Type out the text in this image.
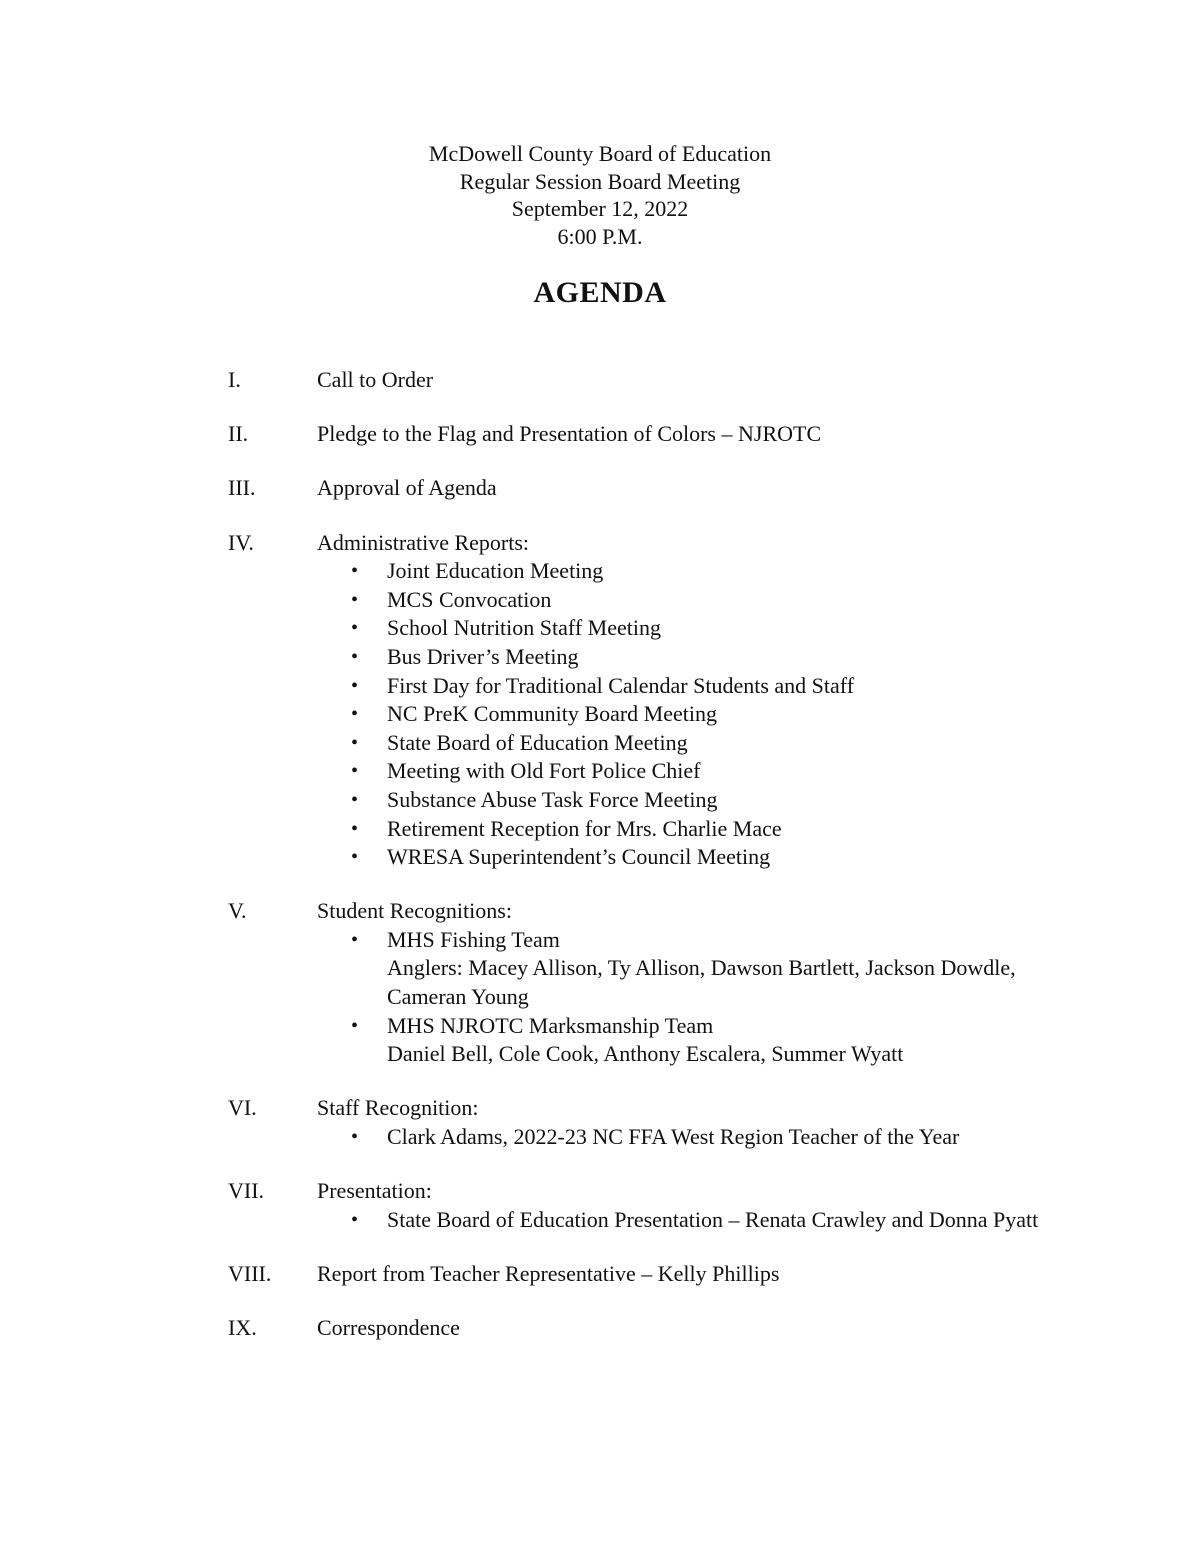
McDowell County Board of Education
Regular Session Board Meeting
September 12, 2022
6:00 P.M.
AGENDA
I.	Call to Order
II.	Pledge to the Flag and Presentation of Colors – NJROTC
III.	Approval of Agenda
IV.	Administrative Reports:
•	Joint Education Meeting
•	MCS Convocation
•	School Nutrition Staff Meeting
•	Bus Driver’s Meeting
•	First Day for Traditional Calendar Students and Staff
•	NC PreK Community Board Meeting
•	State Board of Education Meeting
•	Meeting with Old Fort Police Chief
•	Substance Abuse Task Force Meeting
•	Retirement Reception for Mrs. Charlie Mace
•	WRESA Superintendent’s Council Meeting
V.	Student Recognitions:
•	MHS Fishing Team
Anglers: Macey Allison, Ty Allison, Dawson Bartlett, Jackson Dowdle, Cameran Young
•	MHS NJROTC Marksmanship Team
Daniel Bell, Cole Cook, Anthony Escalera, Summer Wyatt
VI.	Staff Recognition:
•	Clark Adams, 2022-23 NC FFA West Region Teacher of the Year
VII.	Presentation:
•	State Board of Education Presentation – Renata Crawley and Donna Pyatt
VIII.	Report from Teacher Representative – Kelly Phillips
IX.	Correspondence
